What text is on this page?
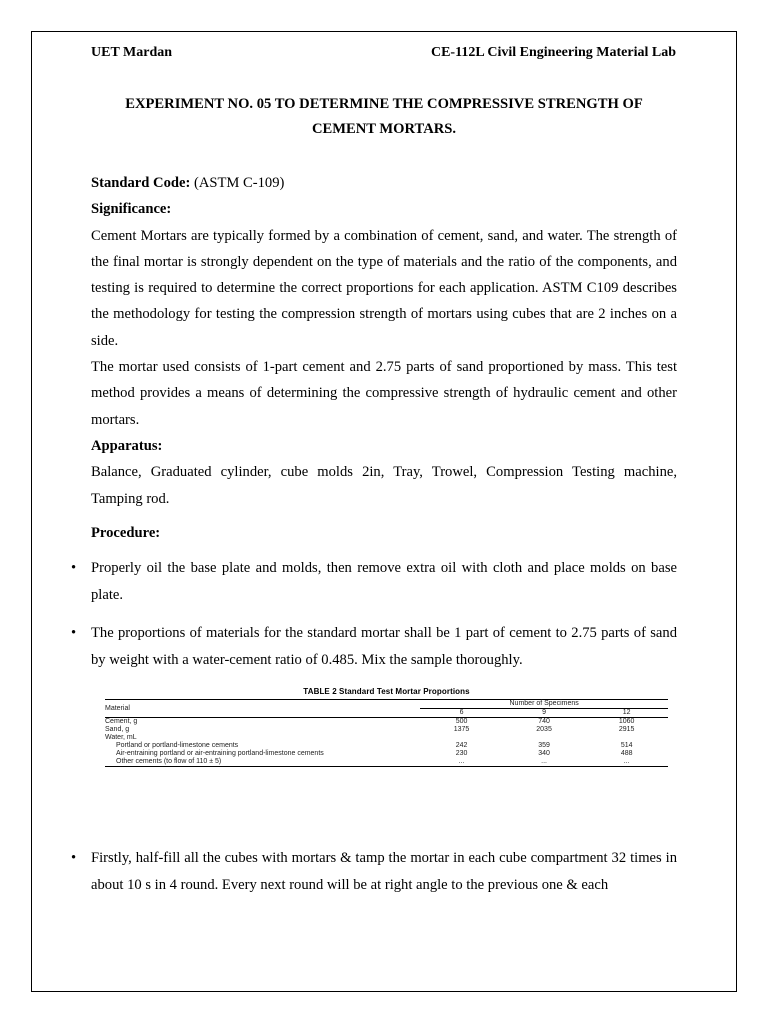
UET Mardan	CE-112L Civil Engineering Material Lab
EXPERIMENT NO. 05 TO DETERMINE THE COMPRESSIVE STRENGTH OF
CEMENT MORTARS.
Standard Code: (ASTM C-109)
Significance:
Cement Mortars are typically formed by a combination of cement, sand, and water. The strength of the final mortar is strongly dependent on the type of materials and the ratio of the components, and testing is required to determine the correct proportions for each application. ASTM C109 describes the methodology for testing the compression strength of mortars using cubes that are 2 inches on a side.
The mortar used consists of 1-part cement and 2.75 parts of sand proportioned by mass. This test method provides a means of determining the compressive strength of hydraulic cement and other mortars.
Apparatus:
Balance, Graduated cylinder, cube molds 2in, Tray, Trowel, Compression Testing machine, Tamping rod.
Procedure:
• Properly oil the base plate and molds, then remove extra oil with cloth and place molds on base plate.
• The proportions of materials for the standard mortar shall be 1 part of cement to 2.75 parts of sand by weight with a water-cement ratio of 0.485. Mix the sample thoroughly.
TABLE 2 Standard Test Mortar Proportions
Material	Number of Specimens		
	6	9	12
Cement, g	500	740	1060
Sand, g	1375	2035	2915
Water, mL			
Portland or portland-limestone cements	242	359	514
Air-entraining portland or air-entraining portland-limestone cements	230	340	488
Other cements (to flow of 110 ± 5)	...	...	...
• Firstly, half-fill all the cubes with mortars & tamp the mortar in each cube compartment 32 times in about 10 s in 4 round. Every next round will be at right angle to the previous one & each
